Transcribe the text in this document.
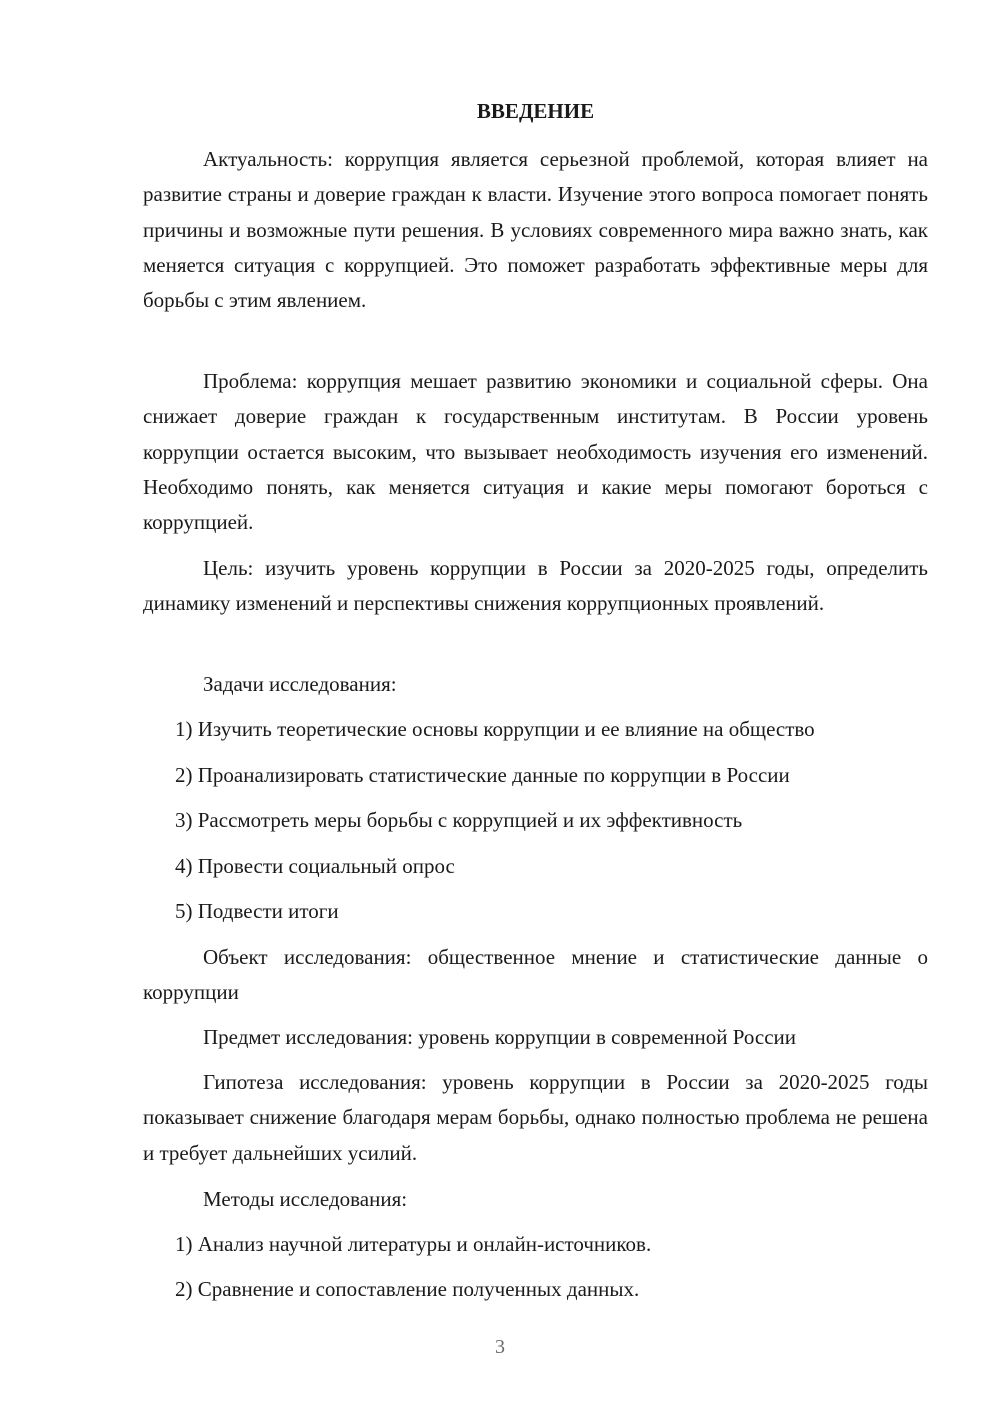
ВВЕДЕНИЕ

Актуальность: коррупция является серьезной проблемой, которая влияет на развитие страны и доверие граждан к власти. Изучение этого вопроса помогает понять причины и возможные пути решения. В условиях современного мира важно знать, как меняется ситуация с коррупцией. Это поможет разработать эффективные меры для борьбы с этим явлением.

Проблема: коррупция мешает развитию экономики и социальной сферы. Она снижает доверие граждан к государственным институтам. В России уровень коррупции остается высоким, что вызывает необходимость изучения его изменений. Необходимо понять, как меняется ситуация и какие меры помогают бороться с коррупцией.

Цель: изучить уровень коррупции в России за 2020-2025 годы, определить динамику изменений и перспективы снижения коррупционных проявлений.

Задачи исследования:

1) Изучить теоретические основы коррупции и ее влияние на общество

2) Проанализировать статистические данные по коррупции в России

3) Рассмотреть меры борьбы с коррупцией и их эффективность

4) Провести социальный опрос

5) Подвести итоги

Объект исследования: общественное мнение и статистические данные о коррупции

Предмет исследования: уровень коррупции в современной России

Гипотеза исследования: уровень коррупции в России за 2020-2025 годы показывает снижение благодаря мерам борьбы, однако полностью проблема не решена и требует дальнейших усилий.

Методы исследования:

1) Анализ научной литературы и онлайн-источников.

2) Сравнение и сопоставление полученных данных.

3
